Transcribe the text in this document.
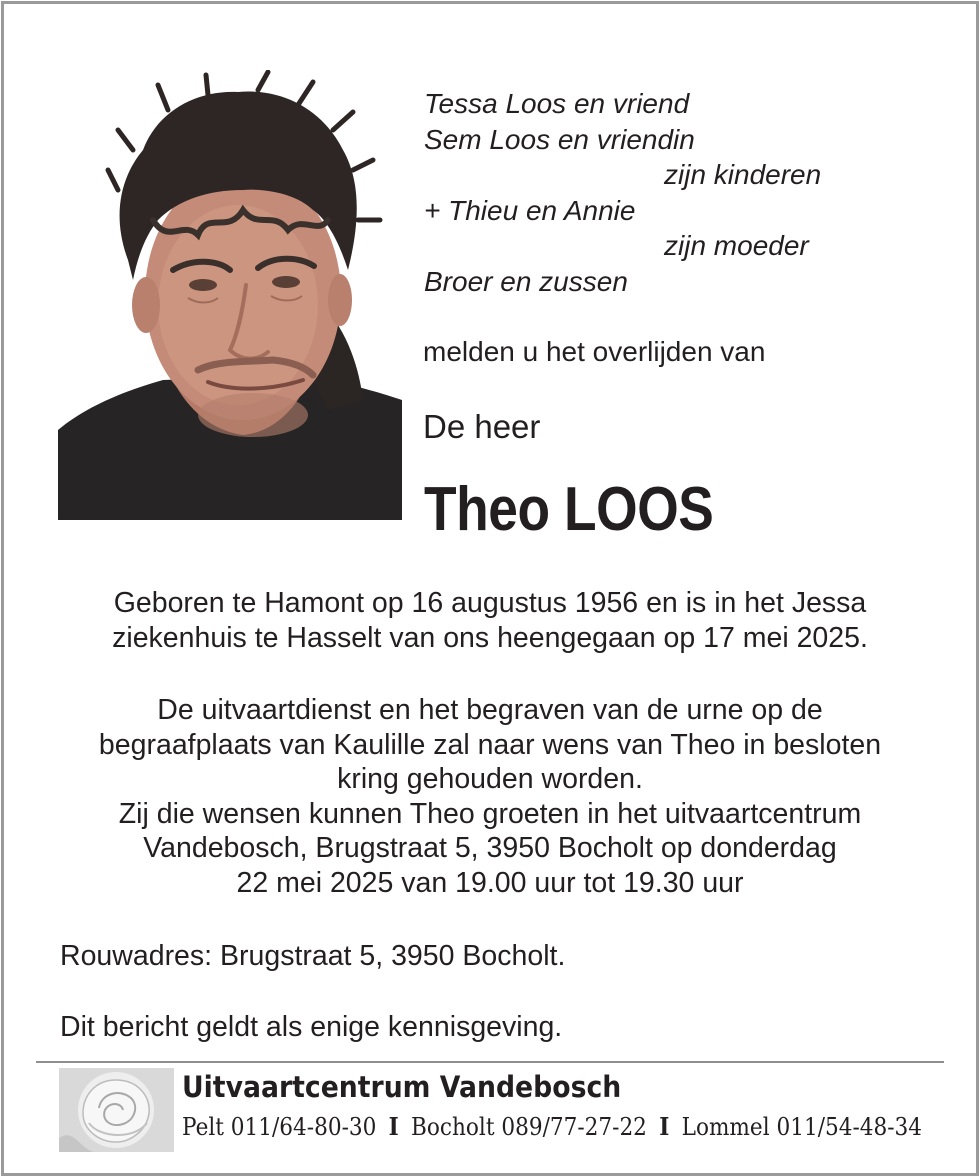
Tessa Loos en vriend
Sem Loos en vriendin
zijn kinderen
+ Thieu en Annie
zijn moeder
Broer en zussen
melden u het overlijden van
De heer
Theo LOOS
Geboren te Hamont op 16 augustus 1956 en is in het Jessa
ziekenhuis te Hasselt van ons heengegaan op 17 mei 2025.
De uitvaartdienst en het begraven van de urne op de
begraafplaats van Kaulille zal naar wens van Theo in besloten
kring gehouden worden.
Zij die wensen kunnen Theo groeten in het uitvaartcentrum
Vandebosch, Brugstraat 5, 3950 Bocholt op donderdag
22 mei 2025 van 19.00 uur tot 19.30 uur
Rouwadres: Brugstraat 5, 3950 Bocholt.
Dit bericht geldt als enige kennisgeving.
Uitvaartcentrum Vandebosch
Pelt 011/64-80-30 I Bocholt 089/77-27-22 I Lommel 011/54-48-34
